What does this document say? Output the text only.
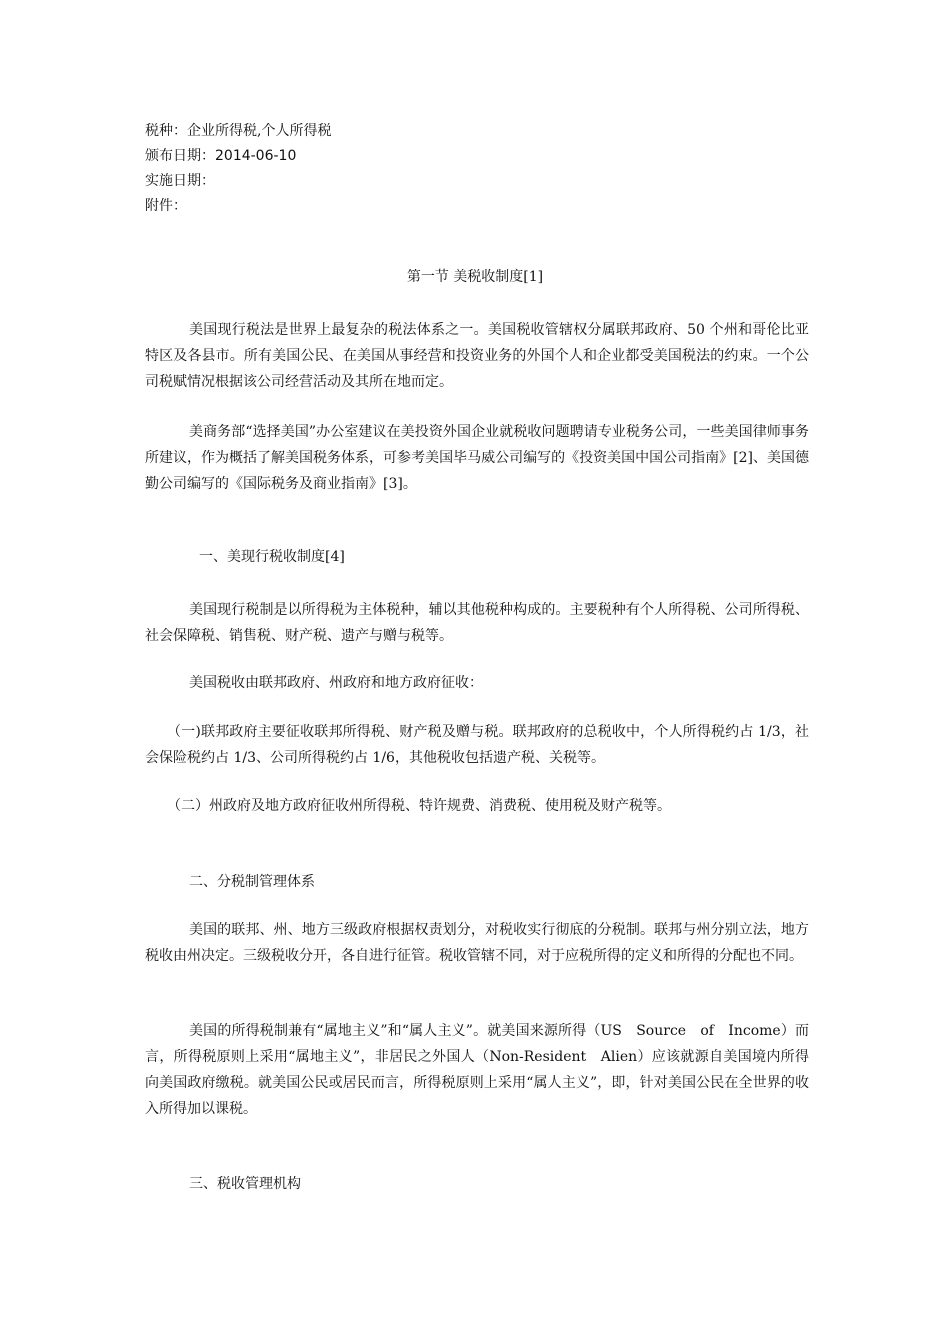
税种：企业所得税,个人所得税
颁布日期：2014-06-10
实施日期：
附件：

第一节 美税收制度[1]

美国现行税法是世界上最复杂的税法体系之一。美国税收管辖权分属联邦政府、50 个州和哥伦比亚特区及各县市。所有美国公民、在美国从事经营和投资业务的外国个人和企业都受美国税法的约束。一个公司税赋情况根据该公司经营活动及其所在地而定。

美商务部“选择美国”办公室建议在美投资外国企业就税收问题聘请专业税务公司，一些美国律师事务所建议，作为概括了解美国税务体系，可参考美国毕马威公司编写的《投资美国中国公司指南》[2]、美国德勤公司编写的《国际税务及商业指南》[3]。

一、美现行税收制度[4]

美国现行税制是以所得税为主体税种，辅以其他税种构成的。主要税种有个人所得税、公司所得税、社会保障税、销售税、财产税、遗产与赠与税等。

美国税收由联邦政府、州政府和地方政府征收：

（一)联邦政府主要征收联邦所得税、财产税及赠与税。联邦政府的总税收中，个人所得税约占 1/3，社会保险税约占 1/3、公司所得税约占 1/6，其他税收包括遗产税、关税等。

（二）州政府及地方政府征收州所得税、特许规费、消费税、使用税及财产税等。

二、分税制管理体系

美国的联邦、州、地方三级政府根据权责划分，对税收实行彻底的分税制。联邦与州分别立法，地方税收由州决定。三级税收分开，各自进行征管。税收管辖不同，对于应税所得的定义和所得的分配也不同。

美国的所得税制兼有“属地主义”和“属人主义”。就美国来源所得（US　Source　of　Income）而言，所得税原则上采用“属地主义”，非居民之外国人（Non-Resident　Alien）应该就源自美国境内所得向美国政府缴税。就美国公民或居民而言，所得税原则上采用“属人主义”，即，针对美国公民在全世界的收入所得加以课税。

三、税收管理机构
